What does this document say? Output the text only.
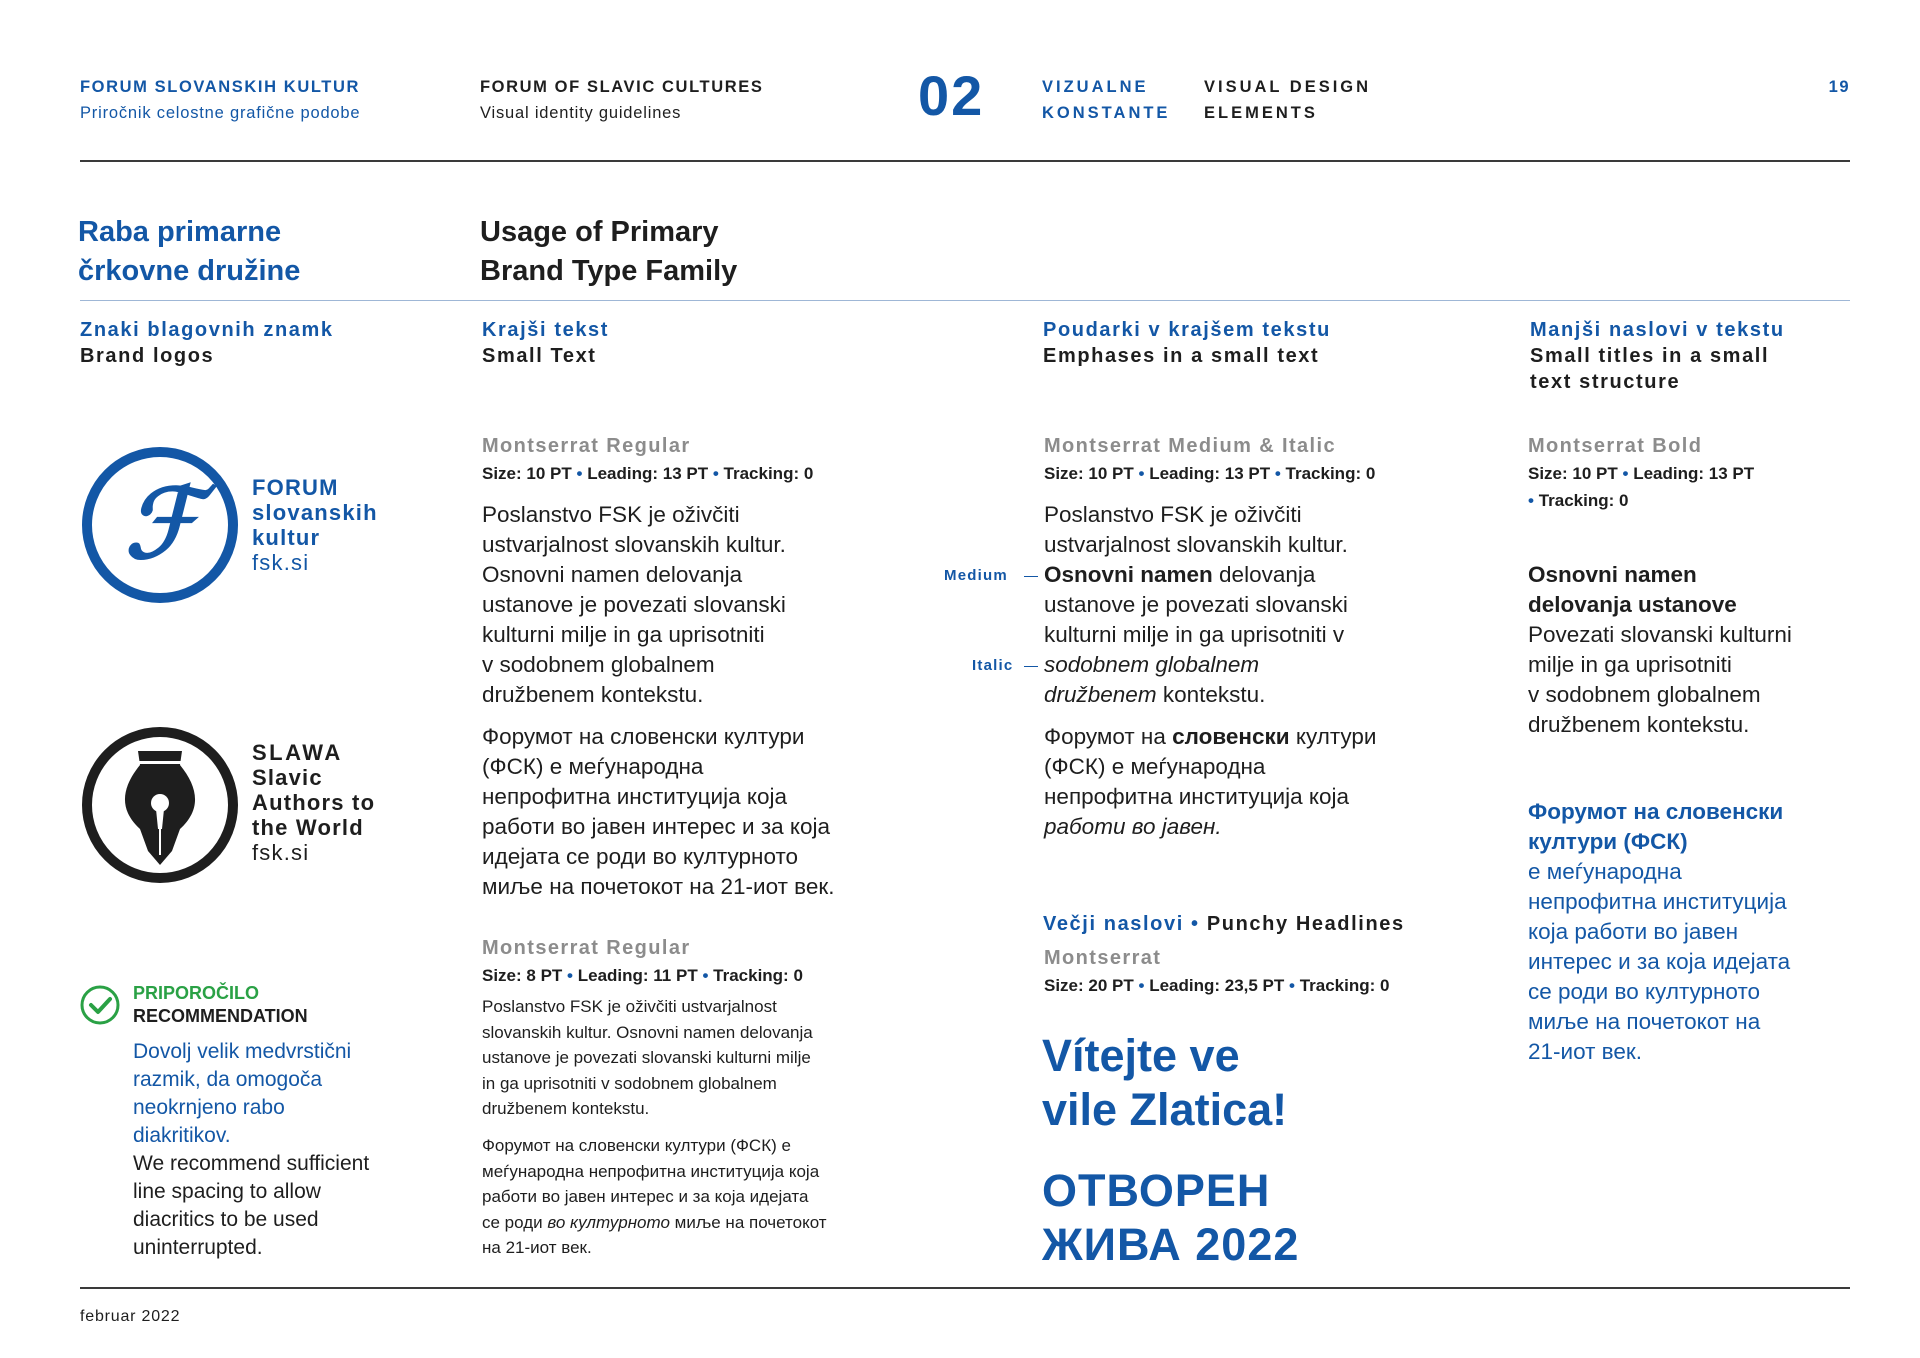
FORUM SLOVANSKIH KULTUR
Priročnik celostne grafične podobe
FORUM OF SLAVIC CULTURES
Visual identity guidelines	02	VIZUALNE
KONSTANTE
VISUAL DESIGN
ELEMENTS
19
Raba primarne
črkovne družine
Usage of Primary
Brand Type Family
Znaki blagovnih znamk
Brand logos
Krajši tekst
Small Text
Poudarki v krajšem tekstu
Emphases in a small text
Manjši naslovi v tekstu
Small titles in a small
text structure
ℱ	FORUM
slovanskih
kultur
fsk.si
SLAWA
Slavic
Authors to
the World
fsk.si
PRIPOROČILO
RECOMMENDATION
Dovolj velik medvrstični
razmik, da omogoča
neokrnjeno rabo
diakritikov.
We recommend sufficient
line spacing to allow
diacritics to be used
uninterrupted.
Montserrat Regular
Size: 10 PT • Leading: 13 PT • Tracking: 0

Poslanstvo FSK je oživčiti

ustvarjalnost slovanskih kultur.

Osnovni namen delovanja

ustanove je povezati slovanski

kulturni milje in ga uprisotniti

v sodobnem globalnem

družbenem kontekstu.

Форумот на словенски култури

(ФСК) е меѓународна

непрофитна институција која

работи во јавен интерес и за која

идејата се роди во културното

миље на почетокот на 21-иот век.

Montserrat Regular
Size: 8 PT • Leading: 11 PT • Tracking: 0

Poslanstvo FSK je oživčiti ustvarjalnost

slovanskih kultur. Osnovni namen delovanja

ustanove je povezati slovanski kulturni milje

in ga uprisotniti v sodobnem globalnem

družbenem kontekstu.

Форумот на словенски култури (ФСК) е

меѓународна непрофитна институција која

работи во јавен интерес и за која идејата

се роди во културното миље на почетокот

на 21-иот век.

Montserrat Medium & Italic
Size: 10 PT • Leading: 13 PT • Tracking: 0
Medium
Italic

Poslanstvo FSK je oživčiti

ustvarjalnost slovanskih kultur.

Osnovni namen delovanja

ustanove je povezati slovanski

kulturni milje in ga uprisotniti v

sodobnem globalnem

družbenem kontekstu.

Форумот на словенски култури

(ФСК) е меѓународна

непрофитна институција која

работи во јавен.

Večji naslovi • Punchy Headlines
Montserrat
Size: 20 PT • Leading: 23,5 PT • Tracking: 0
Vítejte ve
vile Zlatica!
ОТВОРЕН
ЖИВА 2022
Montserrat Bold
Size: 10 PT • Leading: 13 PT
• Tracking: 0

Osnovni namen

delovanja ustanove

Povezati slovanski kulturni

milje in ga uprisotniti

v sodobnem globalnem

družbenem kontekstu.

Форумот на словенски

култури (ФСК)

е меѓународна

непрофитна институција

која работи во јавен

интерес и за која идејата

се роди во културното

миље на почетокот на

21-иот век.

februar 2022
